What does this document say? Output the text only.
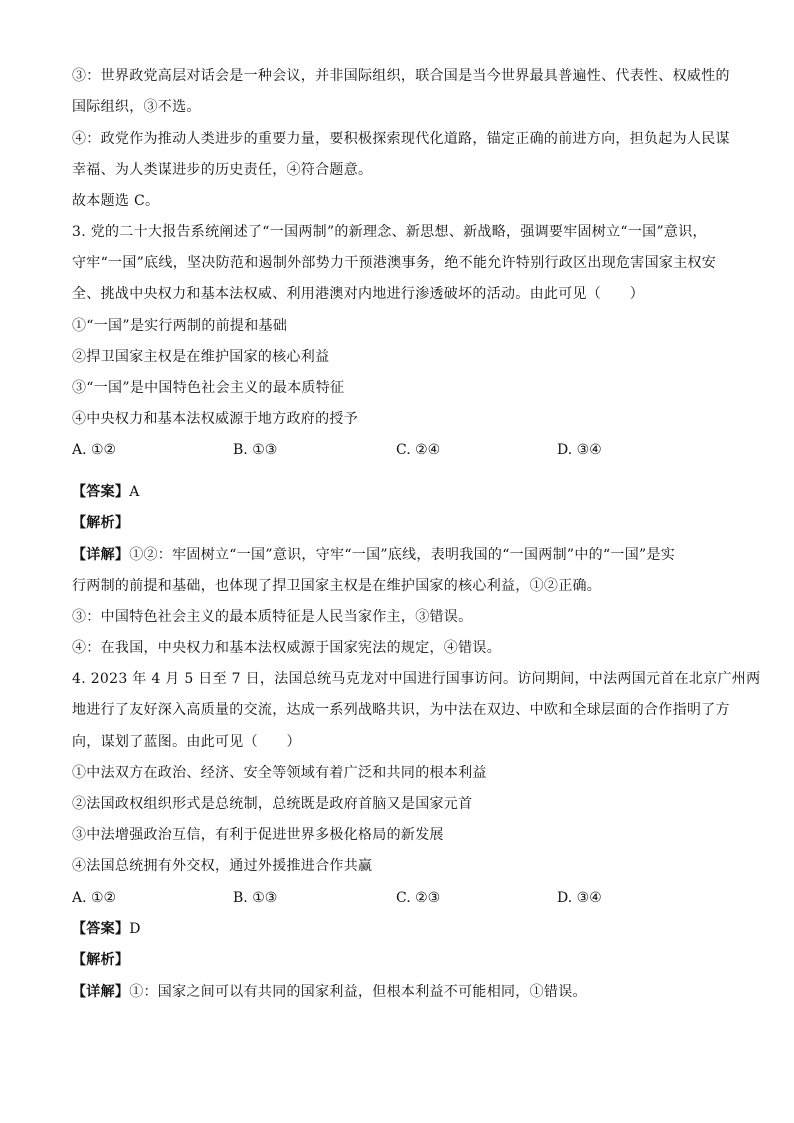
③：世界政党高层对话会是一种会议，并非国际组织，联合国是当今世界最具普遍性、代表性、权威性的
国际组织，③不选。
④：政党作为推动人类进步的重要力量，要积极探索现代化道路，锚定正确的前进方向，担负起为人民谋
幸福、为人类谋进步的历史责任，④符合题意。
故本题选 C。
3. 党的二十大报告系统阐述了“一国两制”的新理念、新思想、新战略，强调要牢固树立“一国”意识，
守牢“一国”底线，坚决防范和遏制外部势力干预港澳事务，绝不能允许特别行政区出现危害国家主权安
全、挑战中央权力和基本法权威、利用港澳对内地进行渗透破坏的活动。由此可见（　　）
①“一国”是实行两制的前提和基础
②捍卫国家主权是在维护国家的核心利益
③“一国”是中国特色社会主义的最本质特征
④中央权力和基本法权威源于地方政府的授予
A. ①②	B. ①③	C. ②④	D. ③④
【答案】A
【解析】
【详解】①②：牢固树立“一国”意识，守牢“一国”底线，表明我国的“一国两制”中的“一国”是实
行两制的前提和基础，也体现了捍卫国家主权是在维护国家的核心利益，①②正确。
③：中国特色社会主义的最本质特征是人民当家作主，③错误。
④：在我国，中央权力和基本法权威源于国家宪法的规定，④错误。
4. 2023 年 4 月 5 日至 7 日，法国总统马克龙对中国进行国事访问。访问期间，中法两国元首在北京广州两
地进行了友好深入高质量的交流，达成一系列战略共识，为中法在双边、中欧和全球层面的合作指明了方
向，谋划了蓝图。由此可见（　　）
①中法双方在政治、经济、安全等领域有着广泛和共同的根本利益
②法国政权组织形式是总统制，总统既是政府首脑又是国家元首
③中法增强政治互信，有利于促进世界多极化格局的新发展
④法国总统拥有外交权，通过外援推进合作共赢
A. ①②	B. ①③	C. ②③	D. ③④
【答案】D
【解析】
【详解】①：国家之间可以有共同的国家利益，但根本利益不可能相同，①错误。
